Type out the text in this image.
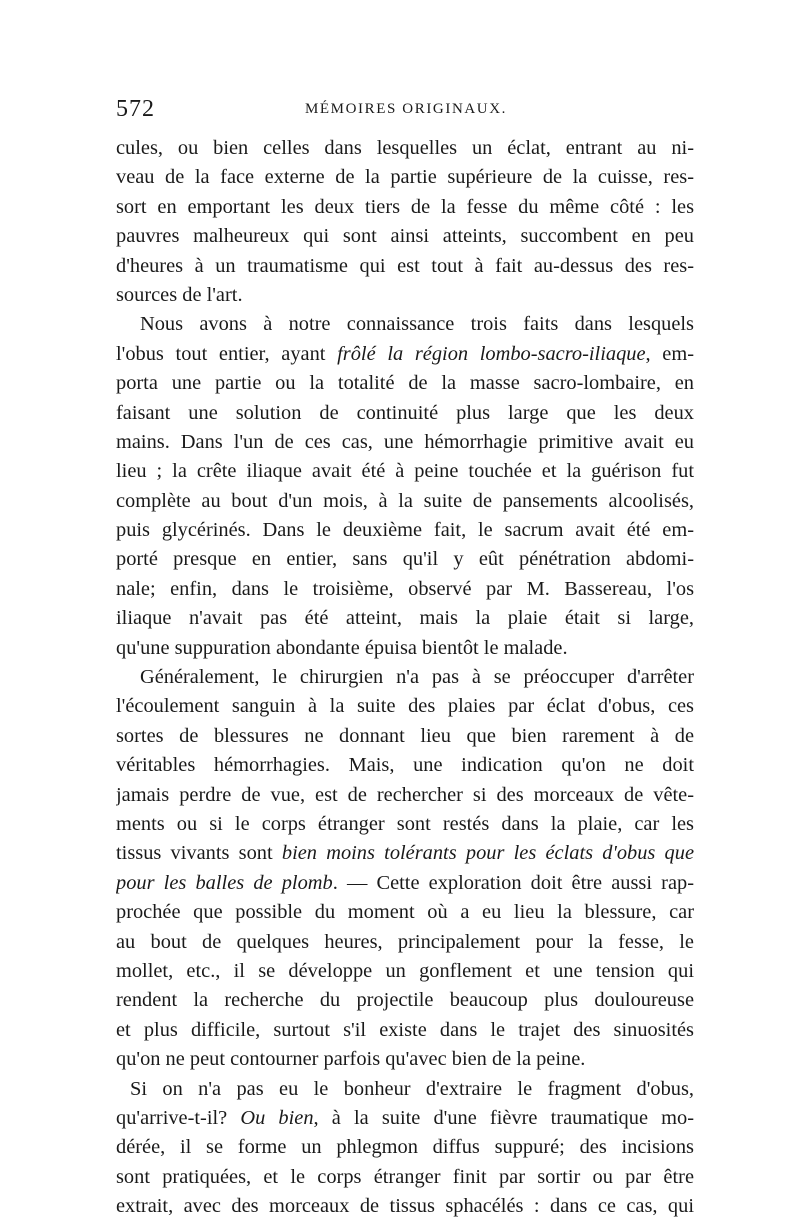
572	MÉMOIRES ORIGINAUX.
cules, ou bien celles dans lesquelles un éclat, entrant au ni-
veau de la face externe de la partie supérieure de la cuisse, res-
sort en emportant les deux tiers de la fesse du même côté : les
pauvres malheureux qui sont ainsi atteints, succombent en peu
d'heures à un traumatisme qui est tout à fait au-dessus des res-
sources de l'art.
Nous avons à notre connaissance trois faits dans lesquels
l'obus tout entier, ayant frôlé la région lombo-sacro-iliaque, em-
porta une partie ou la totalité de la masse sacro-lombaire, en
faisant une solution de continuité plus large que les deux
mains. Dans l'un de ces cas, une hémorrhagie primitive avait eu
lieu ; la crête iliaque avait été à peine touchée et la guérison fut
complète au bout d'un mois, à la suite de pansements alcoolisés,
puis glycérinés. Dans le deuxième fait, le sacrum avait été em-
porté presque en entier, sans qu'il y eût pénétration abdomi-
nale; enfin, dans le troisième, observé par M. Bassereau, l'os
iliaque n'avait pas été atteint, mais la plaie était si large,
qu'une suppuration abondante épuisa bientôt le malade.
Généralement, le chirurgien n'a pas à se préoccuper d'arrêter
l'écoulement sanguin à la suite des plaies par éclat d'obus, ces
sortes de blessures ne donnant lieu que bien rarement à de
véritables hémorrhagies. Mais, une indication qu'on ne doit
jamais perdre de vue, est de rechercher si des morceaux de vête-
ments ou si le corps étranger sont restés dans la plaie, car les
tissus vivants sont bien moins tolérants pour les éclats d'obus que
pour les balles de plomb. — Cette exploration doit être aussi rap-
prochée que possible du moment où a eu lieu la blessure, car
au bout de quelques heures, principalement pour la fesse, le
mollet, etc., il se développe un gonflement et une tension qui
rendent la recherche du projectile beaucoup plus douloureuse
et plus difficile, surtout s'il existe dans le trajet des sinuosités
qu'on ne peut contourner parfois qu'avec bien de la peine.
Si on n'a pas eu le bonheur d'extraire le fragment d'obus,
qu'arrive-t-il? Ou bien, à la suite d'une fièvre traumatique mo-
dérée, il se forme un phlegmon diffus suppuré; des incisions
sont pratiquées, et le corps étranger finit par sortir ou par être
extrait, avec des morceaux de tissus sphacélés : dans ce cas, qui
